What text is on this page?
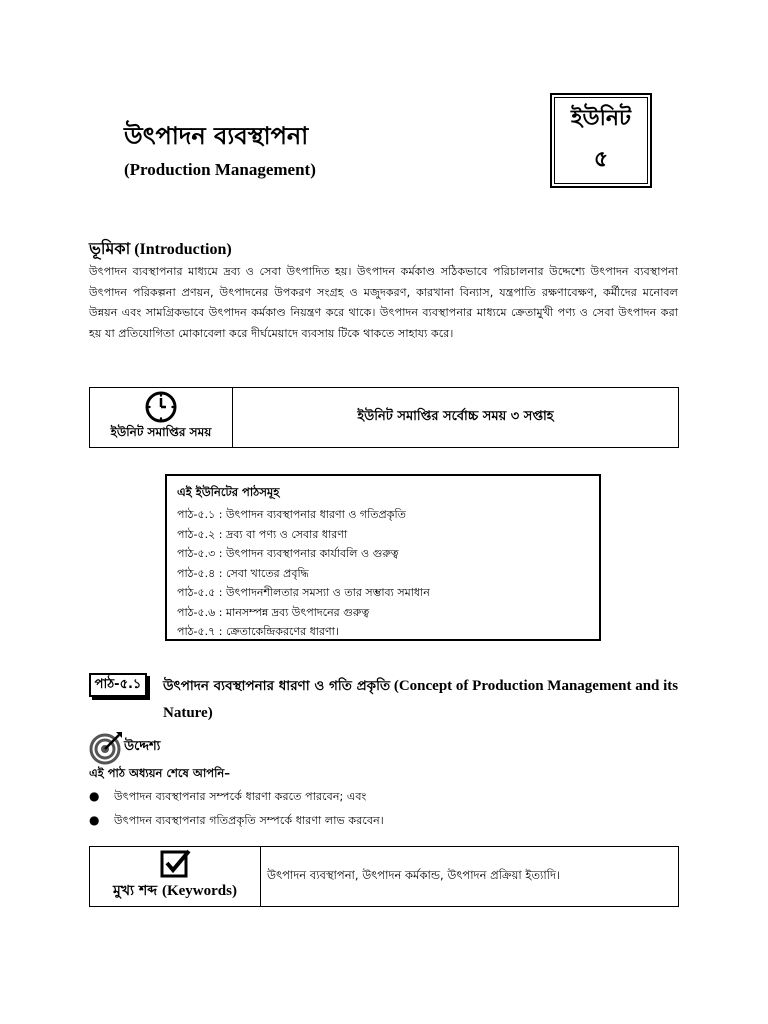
উৎপাদন ব্যবস্থাপনা
(Production Management)
ইউনিট
৫
ভূমিকা (Introduction)
উৎপাদন ব্যবস্থাপনার মাধ্যমে দ্রব্য ও সেবা উৎপাদিত হয়। উৎপাদন কর্মকাণ্ড সঠিকভাবে পরিচালনার উদ্দেশ্যে উৎপাদন ব্যবস্থাপনা উৎপাদন পরিকল্পনা প্রণয়ন, উৎপাদনের উপকরণ সংগ্রহ ও মজুদকরণ, কারখানা বিন্যাস, যন্ত্রপাতি রক্ষণাবেক্ষণ, কর্মীদের মনোবল উন্নয়ন এবং সামগ্রিকভাবে উৎপাদন কর্মকাণ্ড নিয়ন্ত্রণ করে থাকে। উৎপাদন ব্যবস্থাপনার মাধ্যমে ক্রেতামুখী পণ্য ও সেবা উৎপাদন করা হয় যা প্রতিযোগিতা মোকাবেলা করে দীর্ঘমেয়াদে ব্যবসায় টিকে থাকতে সাহায্য করে।
ইউনিট সমাপ্তির সময়
	ইউনিট সমাপ্তির সর্বোচ্চ সময় ৩ সপ্তাহ
এই ইউনিটের পাঠসমূহ
পাঠ-৫.১ : উৎপাদন ব্যবস্থাপনার ধারণা ও গতিপ্রকৃতি
পাঠ-৫.২ : দ্রব্য বা পণ্য ও সেবার ধারণা
পাঠ-৫.৩ : উৎপাদন ব্যবস্থাপনার কার্যাবলি ও গুরুত্ব
পাঠ-৫.৪ : সেবা খাতের প্রবৃদ্ধি
পাঠ-৫.৫ : উৎপাদনশীলতার সমস্যা ও তার সম্ভাব্য সমাধান
পাঠ-৫.৬ : মানসম্পন্ন দ্রব্য উৎপাদনের গুরুত্ব
পাঠ-৫.৭ : ক্রেতাকেন্দ্রিকরণের ধারণা।
পাঠ-৫.১	উৎপাদন ব্যবস্থাপনার ধারণা ও গতি প্রকৃতি (Concept of Production Management and its Nature)
উদ্দেশ্য
এই পাঠ অধ্যয়ন শেষে আপনি–
● উৎপাদন ব্যবস্থাপনার সম্পর্কে ধারণা করতে পারবেন; এবং
● উৎপাদন ব্যবস্থাপনার গতিপ্রকৃতি সম্পর্কে ধারণা লাভ করবেন।
মুখ্য শব্দ (Keywords)
	উৎপাদন ব্যবস্থাপনা, উৎপাদন কর্মকান্ড, উৎপাদন প্রক্রিয়া ইত্যাদি।
